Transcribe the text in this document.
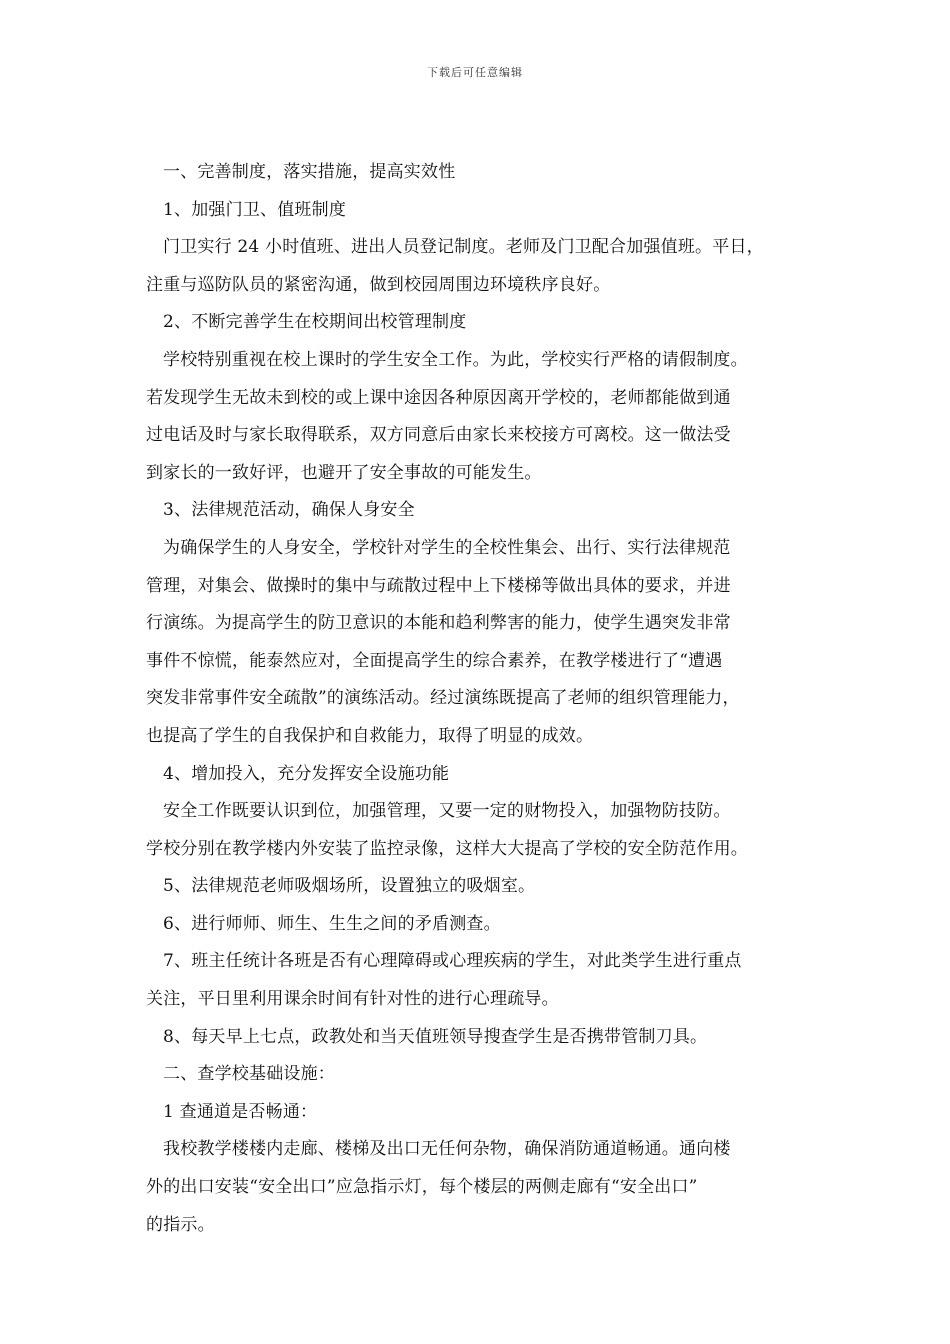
下载后可任意编辑

一、完善制度，落实措施，提高实效性

1、加强门卫、值班制度

门卫实行 24 小时值班、进出人员登记制度。老师及门卫配合加强值班。平日，

注重与巡防队员的紧密沟通，做到校园周围边环境秩序良好。

2、不断完善学生在校期间出校管理制度

学校特别重视在校上课时的学生安全工作。为此，学校实行严格的请假制度。

若发现学生无故未到校的或上课中途因各种原因离开学校的，老师都能做到通

过电话及时与家长取得联系，双方同意后由家长来校接方可离校。这一做法受

到家长的一致好评，也避开了安全事故的可能发生。

3、法律规范活动，确保人身安全

为确保学生的人身安全，学校针对学生的全校性集会、出行、实行法律规范

管理，对集会、做操时的集中与疏散过程中上下楼梯等做出具体的要求，并进

行演练。为提高学生的防卫意识的本能和趋利弊害的能力，使学生遇突发非常

事件不惊慌，能泰然应对，全面提高学生的综合素养，在教学楼进行了“遭遇

突发非常事件安全疏散”的演练活动。经过演练既提高了老师的组织管理能力，

也提高了学生的自我保护和自救能力，取得了明显的成效。

4、增加投入，充分发挥安全设施功能

安全工作既要认识到位，加强管理，又要一定的财物投入，加强物防技防。

学校分别在教学楼内外安装了监控录像，这样大大提高了学校的安全防范作用。

5、法律规范老师吸烟场所，设置独立的吸烟室。

6、进行师师、师生、生生之间的矛盾测查。

7、班主任统计各班是否有心理障碍或心理疾病的学生，对此类学生进行重点

关注，平日里利用课余时间有针对性的进行心理疏导。

8、每天早上七点，政教处和当天值班领导搜查学生是否携带管制刀具。

二、查学校基础设施：

1 查通道是否畅通：

我校教学楼楼内走廊、楼梯及出口无任何杂物，确保消防通道畅通。通向楼

外的出口安装“安全出口”应急指示灯，每个楼层的两侧走廊有“安全出口”

的指示。
